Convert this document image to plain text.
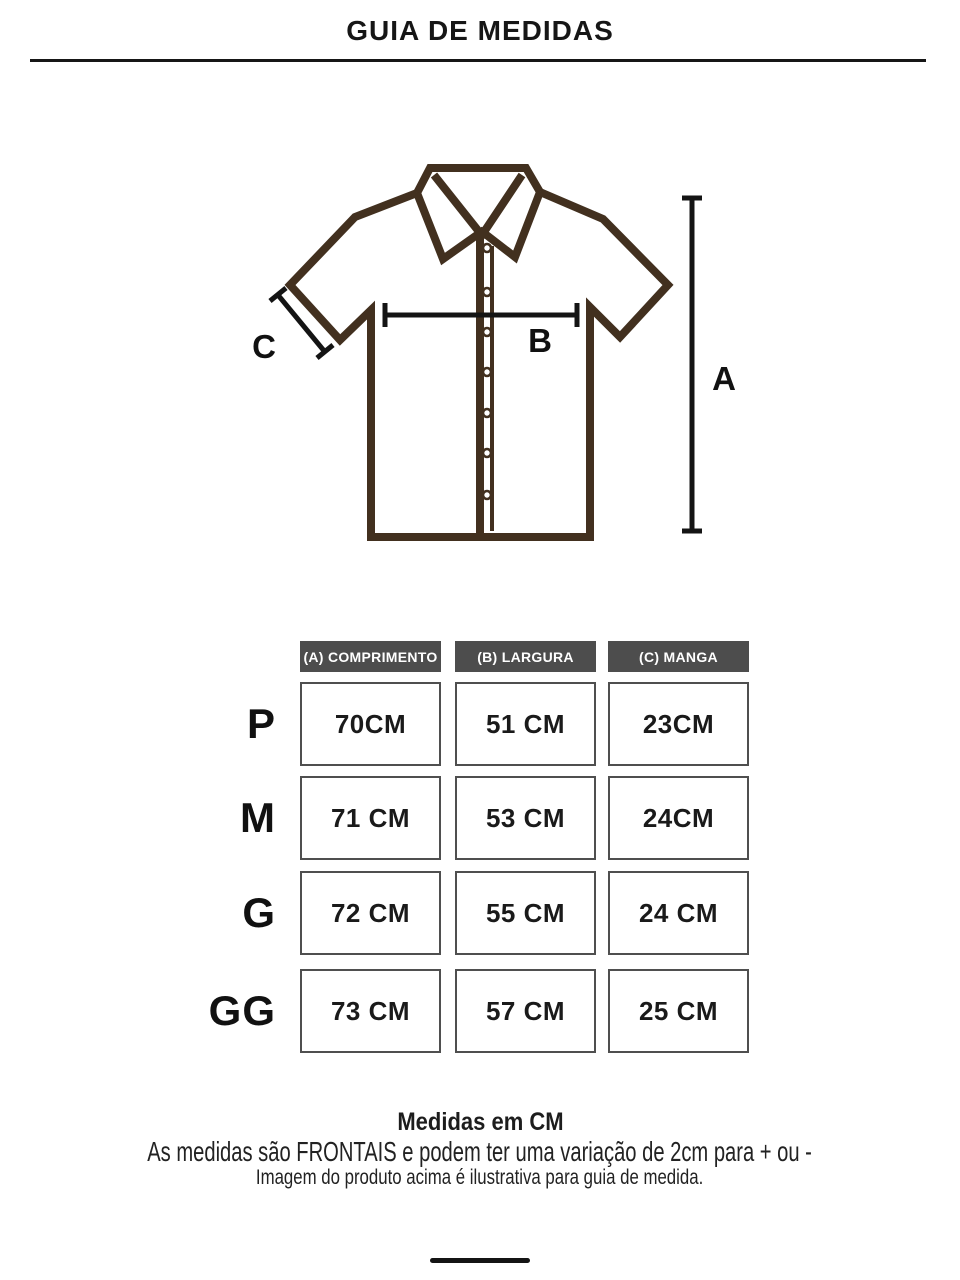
GUIA DE MEDIDAS
A
B
C
(A) COMPRIMENTO	(B) LARGURA	(C) MANGA
P	70CM	51 CM	23CM
M	71 CM	53 CM	24CM
G	72 CM	55 CM	24 CM
GG	73 CM	57 CM	25 CM
Medidas em CM
As medidas são FRONTAIS e podem ter uma variação de 2cm para + ou -
Imagem do produto acima é ilustrativa para guia de medida.
